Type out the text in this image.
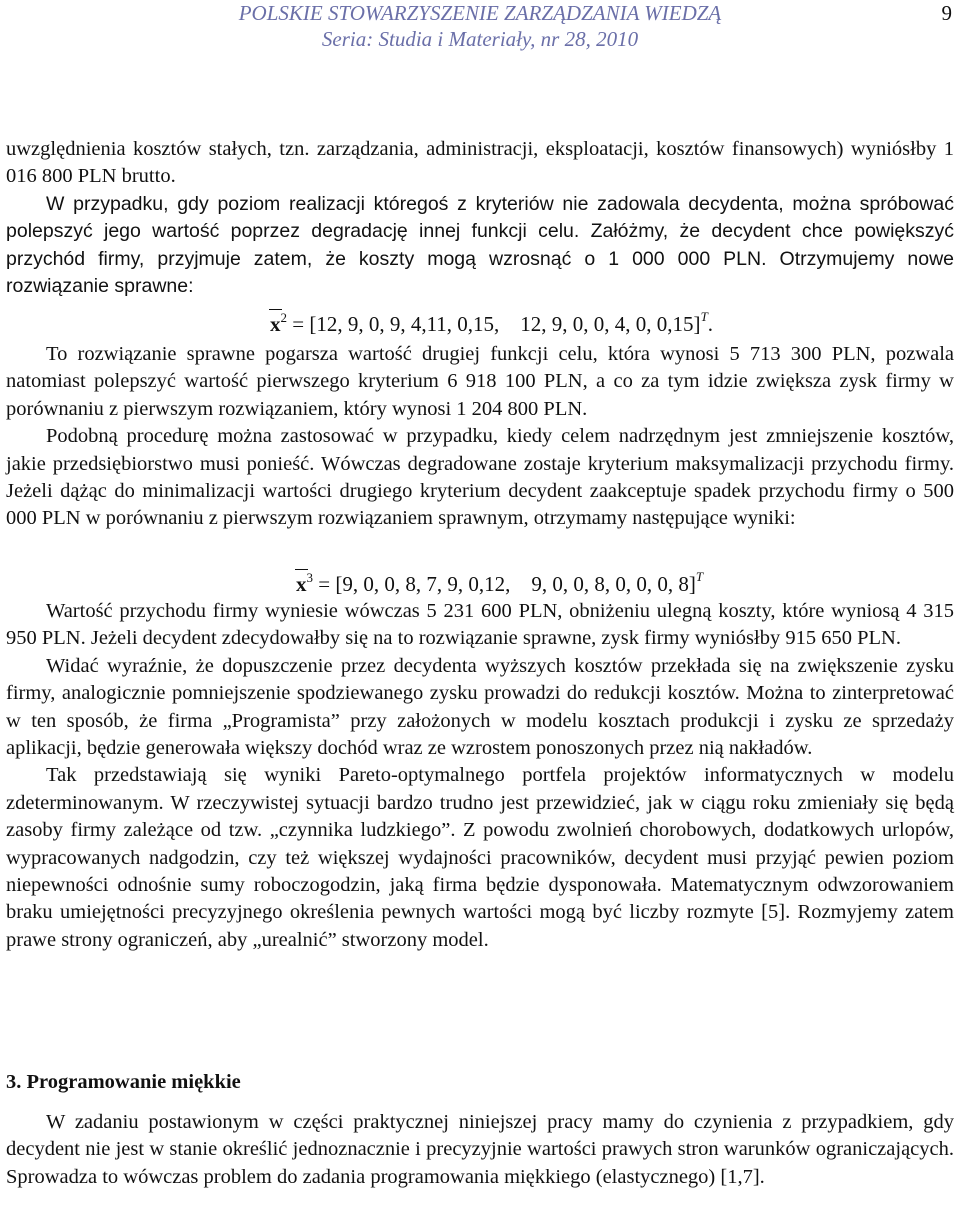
POLSKIE STOWARZYSZENIE ZARZĄDZANIA WIEDZĄ
Seria: Studia i Materiały, nr 28, 2010
9

uwzględnienia kosztów stałych, tzn. zarządzania, administracji, eksploatacji, kosztów finansowych) wyniósłby 1 016 800 PLN brutto.

W przypadku, gdy poziom realizacji któregoś z kryteriów nie zadowala decydenta, można spróbować polepszyć jego wartość poprzez degradację innej funkcji celu. Załóżmy, że decydent chce powiększyć przychód firmy, przyjmuje zatem, że koszty mogą wzrosnąć o 1 000 000 PLN. Otrzymujemy nowe rozwiązanie sprawne:

$x^2 = [12$, 9, 0, 9, 4,11, 0,15,    12, 9, 0, 0, 4, 0, 0,15]$^T$.

To rozwiązanie sprawne pogarsza wartość drugiej funkcji celu, która wynosi 5 713 300 PLN, pozwala natomiast polepszyć wartość pierwszego kryterium 6 918 100 PLN, a co za tym idzie zwiększa zysk firmy w porównaniu z pierwszym rozwiązaniem, który wynosi 1 204 800 PLN.

Podobną procedurę można zastosować w przypadku, kiedy celem nadrzędnym jest zmniejszenie kosztów, jakie przedsiębiorstwo musi ponieść. Wówczas degradowane zostaje kryterium maksymalizacji przychodu firmy. Jeżeli dążąc do minimalizacji wartości drugiego kryterium decydent zaakceptuje spadek przychodu firmy o 500 000 PLN w porównaniu z pierwszym rozwiązaniem sprawnym, otrzymamy następujące wyniki:

$x^3 = [9$, 0, 0, 8, 7, 9, 0,12,    9, 0, 0, 8, 0, 0, 0, 8]$^T$

Wartość przychodu firmy wyniesie wówczas 5 231 600 PLN, obniżeniu ulegną koszty, które wyniosą 4 315 950 PLN. Jeżeli decydent zdecydowałby się na to rozwiązanie sprawne, zysk firmy wyniósłby 915 650 PLN.

Widać wyraźnie, że dopuszczenie przez decydenta wyższych kosztów przekłada się na zwiększenie zysku firmy, analogicznie pomniejszenie spodziewanego zysku prowadzi do redukcji kosztów. Można to zinterpretować w ten sposób, że firma „Programista” przy założonych w modelu kosztach produkcji i zysku ze sprzedaży aplikacji, będzie generowała większy dochód wraz ze wzrostem ponoszonych przez nią nakładów.

Tak przedstawiają się wyniki Pareto-optymalnego portfela projektów informatycznych w modelu zdeterminowanym. W rzeczywistej sytuacji bardzo trudno jest przewidzieć, jak w ciągu roku zmieniały się będą zasoby firmy zależące od tzw. „czynnika ludzkiego”. Z powodu zwolnień chorobowych, dodatkowych urlopów, wypracowanych nadgodzin, czy też większej wydajności pracowników, decydent musi przyjąć pewien poziom niepewności odnośnie sumy roboczogodzin, jaką firma będzie dysponowała. Matematycznym odwzorowaniem braku umiejętności precyzyjnego określenia pewnych wartości mogą być liczby rozmyte [5]. Rozmyjemy zatem prawe strony ograniczeń, aby „urealnić” stworzony model.

3. Programowanie miękkie

W zadaniu postawionym w części praktycznej niniejszej pracy mamy do czynienia z przypadkiem, gdy decydent nie jest w stanie określić jednoznacznie i precyzyjnie wartości prawych stron warunków ograniczających. Sprowadza to wówczas problem do zadania programowania miękkiego (elastycznego) [1,7].
